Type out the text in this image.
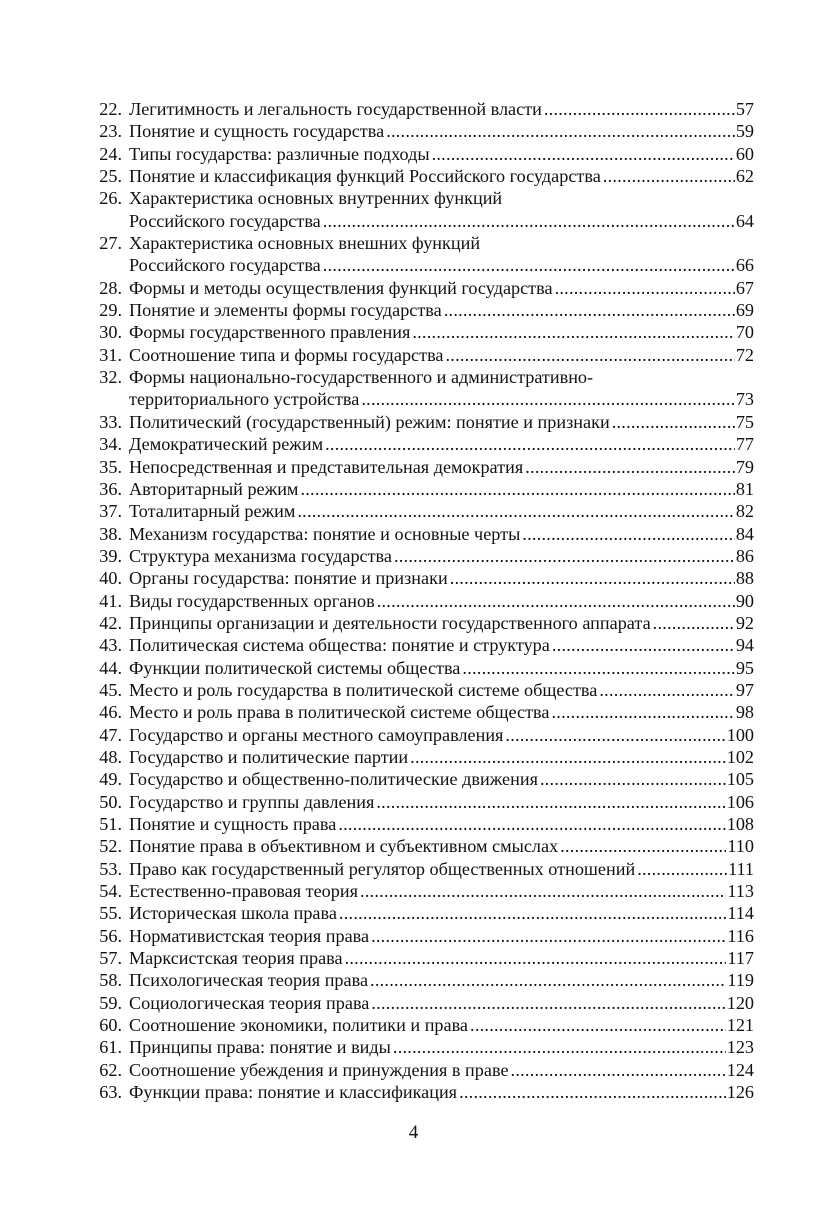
22. Легитимность и легальность государственной власти .....	57
23. Понятие и сущность государства .....	59
24. Типы государства: различные подходы .....	60
25. Понятие и классификация функций Российского государства .....	62
26. Характеристика основных внутренних функций
Российского государства .....	64
27. Характеристика основных внешних функций
Российского государства .....	66
28. Формы и методы осуществления функций государства .....	67
29. Понятие и элементы формы государства .....	69
30. Формы государственного правления .....	70
31. Соотношение типа и формы государства .....	72
32. Формы национально-государственного и административно-
территориального устройства .....	73
33. Политический (государственный) режим: понятие и признаки .....	75
34. Демократический режим .....	77
35. Непосредственная и представительная демократия .....	79
36. Авторитарный режим .....	81
37. Тоталитарный режим .....	82
38. Механизм государства: понятие и основные черты .....	84
39. Структура механизма государства .....	86
40. Органы государства: понятие и признаки .....	88
41. Виды государственных органов .....	90
42. Принципы организации и деятельности государственного аппарата .....	92
43. Политическая система общества: понятие и структура .....	94
44. Функции политической системы общества .....	95
45. Место и роль государства в политической системе общества .....	97
46. Место и роль права в политической системе общества .....	98
47. Государство и органы местного самоуправления .....	100
48. Государство и политические партии .....	102
49. Государство и общественно-политические движения .....	105
50. Государство и группы давления .....	106
51. Понятие и сущность права .....	108
52. Понятие права в объективном и субъективном смыслах .....	110
53. Право как государственный регулятор общественных отношений .....	111
54. Естественно-правовая теория .....	113
55. Историческая школа права .....	114
56. Нормативистская теория права .....	116
57. Марксистская теория права .....	117
58. Психологическая теория права .....	119
59. Социологическая теория права .....	120
60. Соотношение экономики, политики и права .....	121
61. Принципы права: понятие и виды .....	123
62. Соотношение убеждения и принуждения в праве .....	124
63. Функции права: понятие и классификация .....	126
4
